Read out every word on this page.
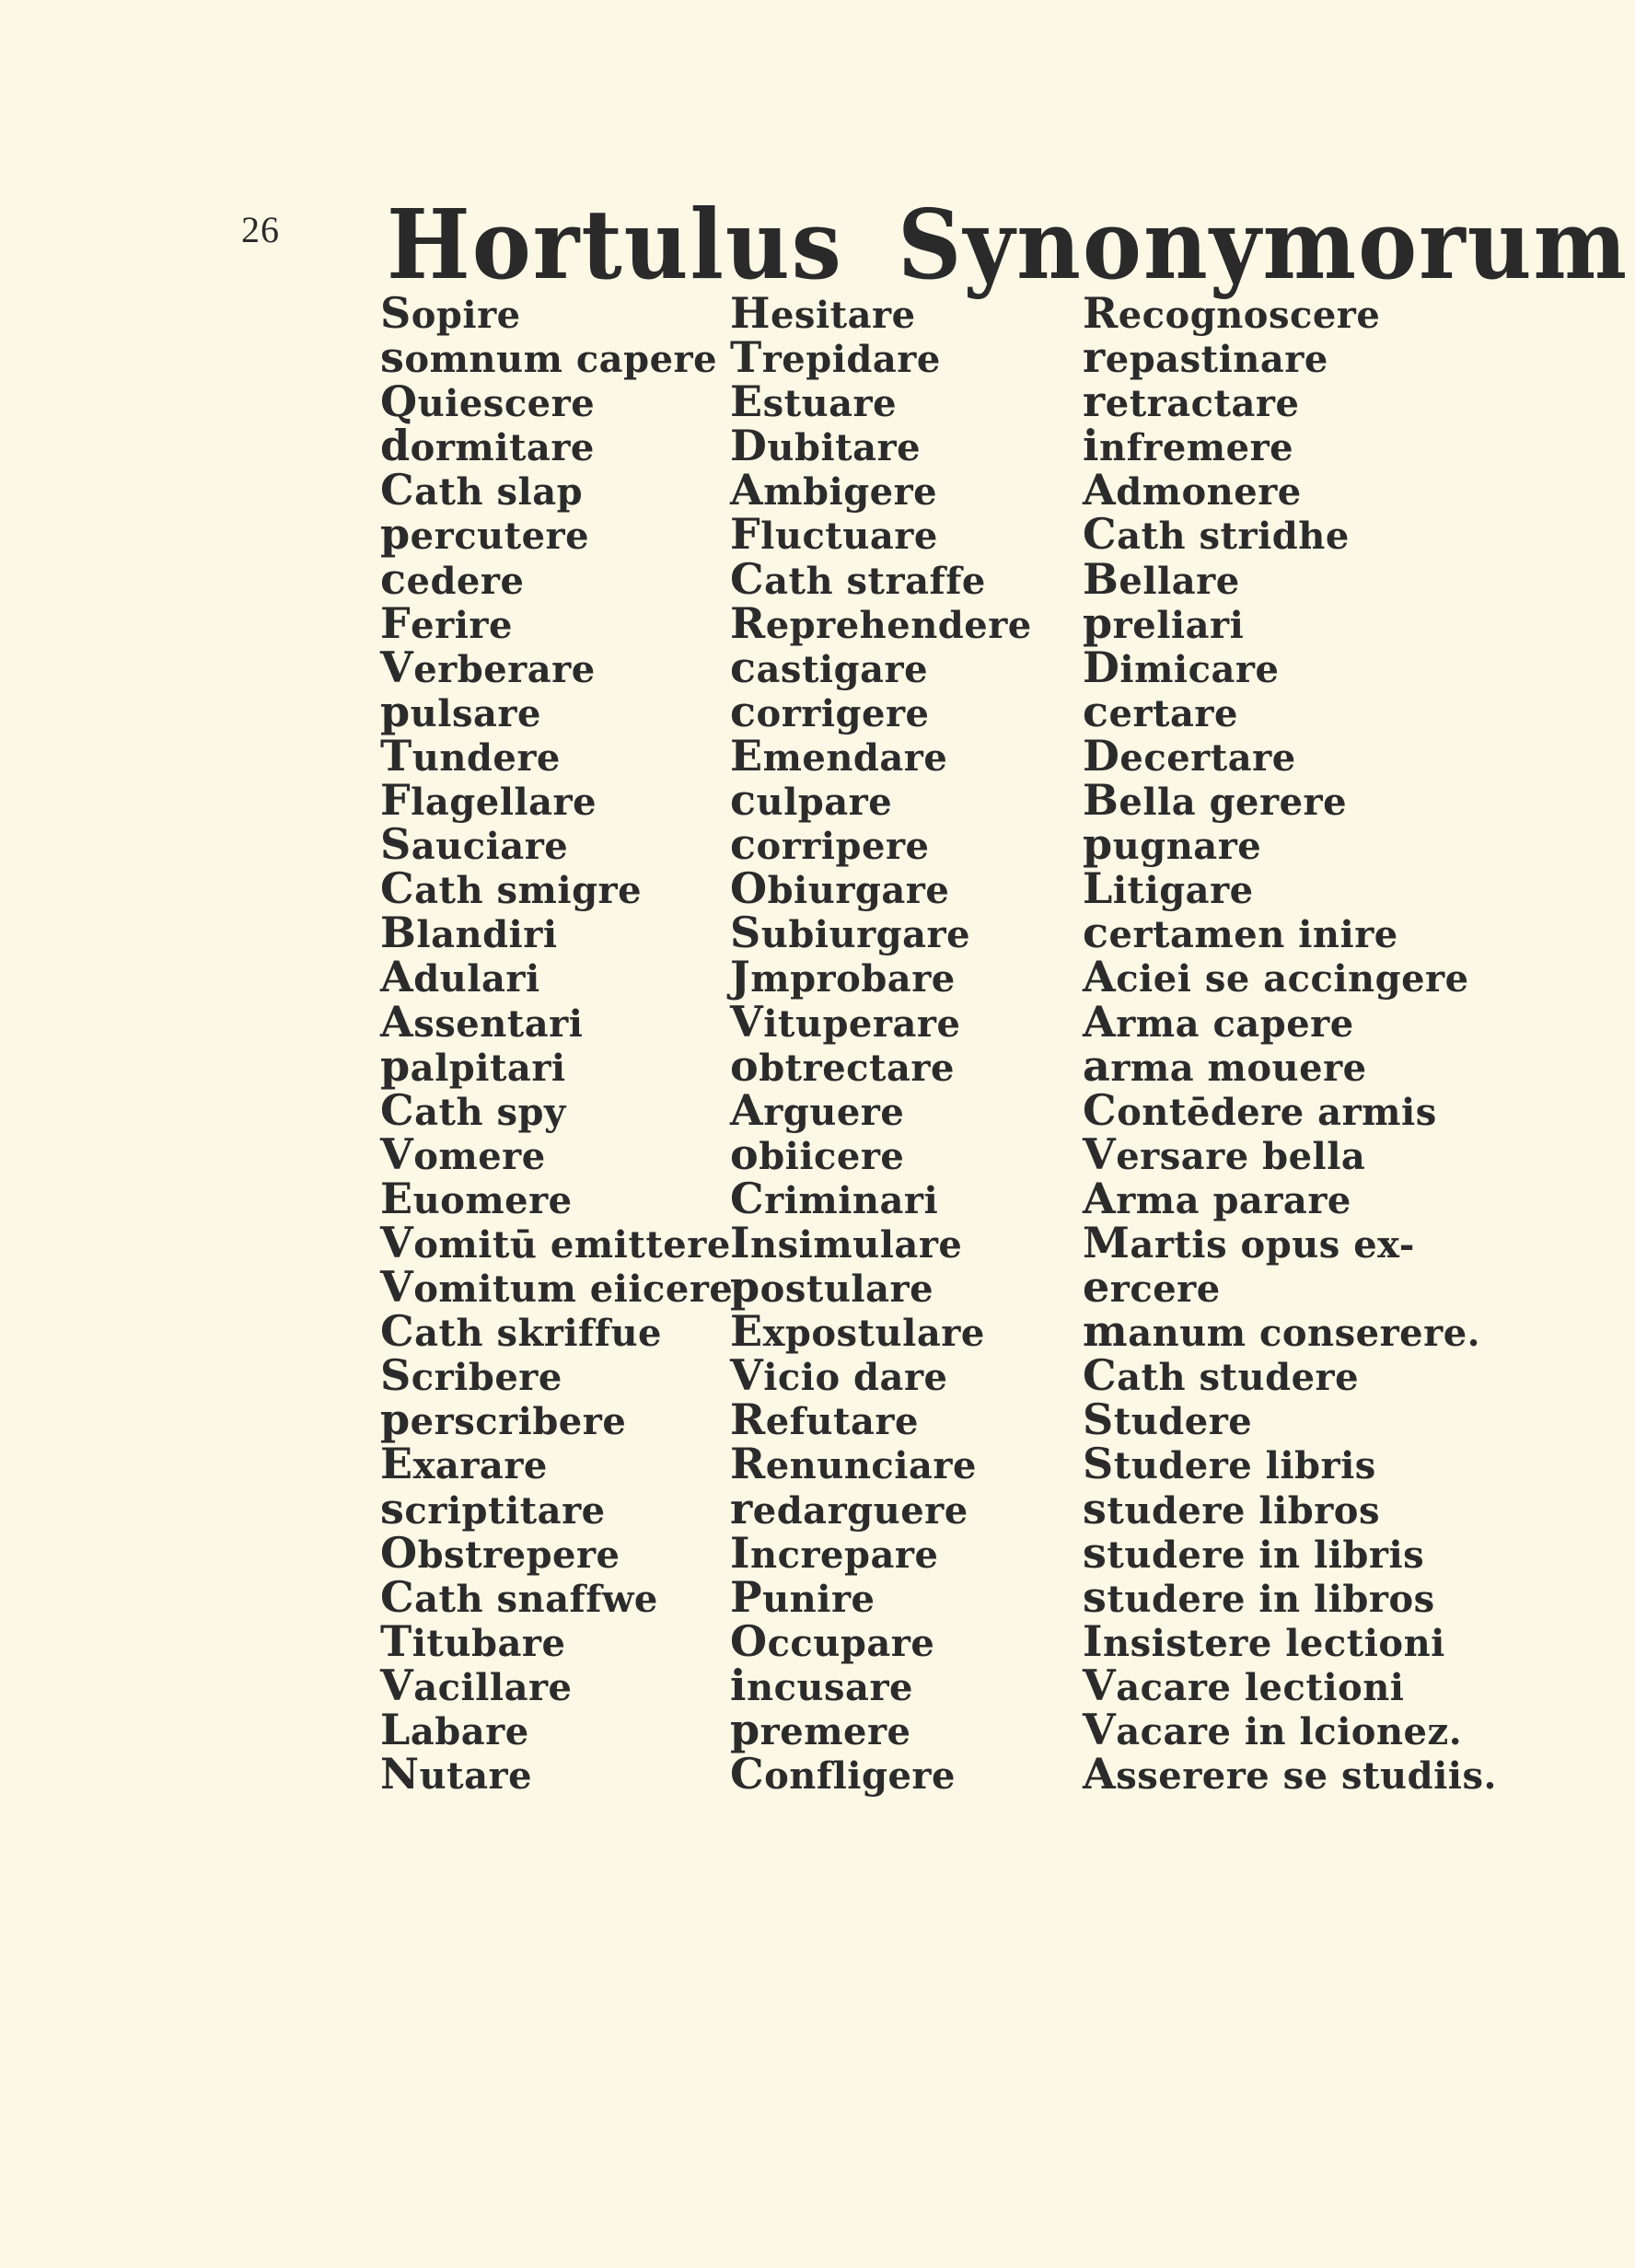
26 Hortulus Synonymorum
Sopire
somnum capere
Quiescere
dormitare
Cath slap
percutere
cedere
Ferire
Verberare
pulsare
Tundere
Flagellare
Sauciare
Cath smigre
Blandiri
Adulari
Assentari
palpitari
Cath spy
Vomere
Euomere
Vomitū emittere
Vomitum eiicere
Cath skriffue
Scribere
perscribere
Exarare
scriptitare
Obstrepere
Cath snaffwe
Titubare
Vacillare
Labare
Nutare
Hesitare
Trepidare
Estuare
Dubitare
Ambigere
Fluctuare
Cath straffe
Reprehendere
castigare
corrigere
Emendare
culpare
corripere
Obiurgare
Subiurgare
Jmprobare
Vituperare
obtrectare
Arguere
obiicere
Criminari
Insimulare
postulare
Expostulare
Vicio dare
Refutare
Renunciare
redarguere
Increpare
Punire
Occupare
incusare
premere
Confligere
Recognoscere
repastinare
retractare
infremere
Admonere
Cath stridhe
Bellare
preliari
Dimicare
certare
Decertare
Bella gerere
pugnare
Litigare
certamen inire
Aciei se accingere
Arma capere
arma mouere
Contēdere armis
Versare bella
Arma parare
Martis opus ex-
ercere
manum conserere.
Cath studere
Studere
Studere libris
studere libros
studere in libris
studere in libros
Insistere lectioni
Vacare lectioni
Vacare in lcionez.
Asserere se studiis.
